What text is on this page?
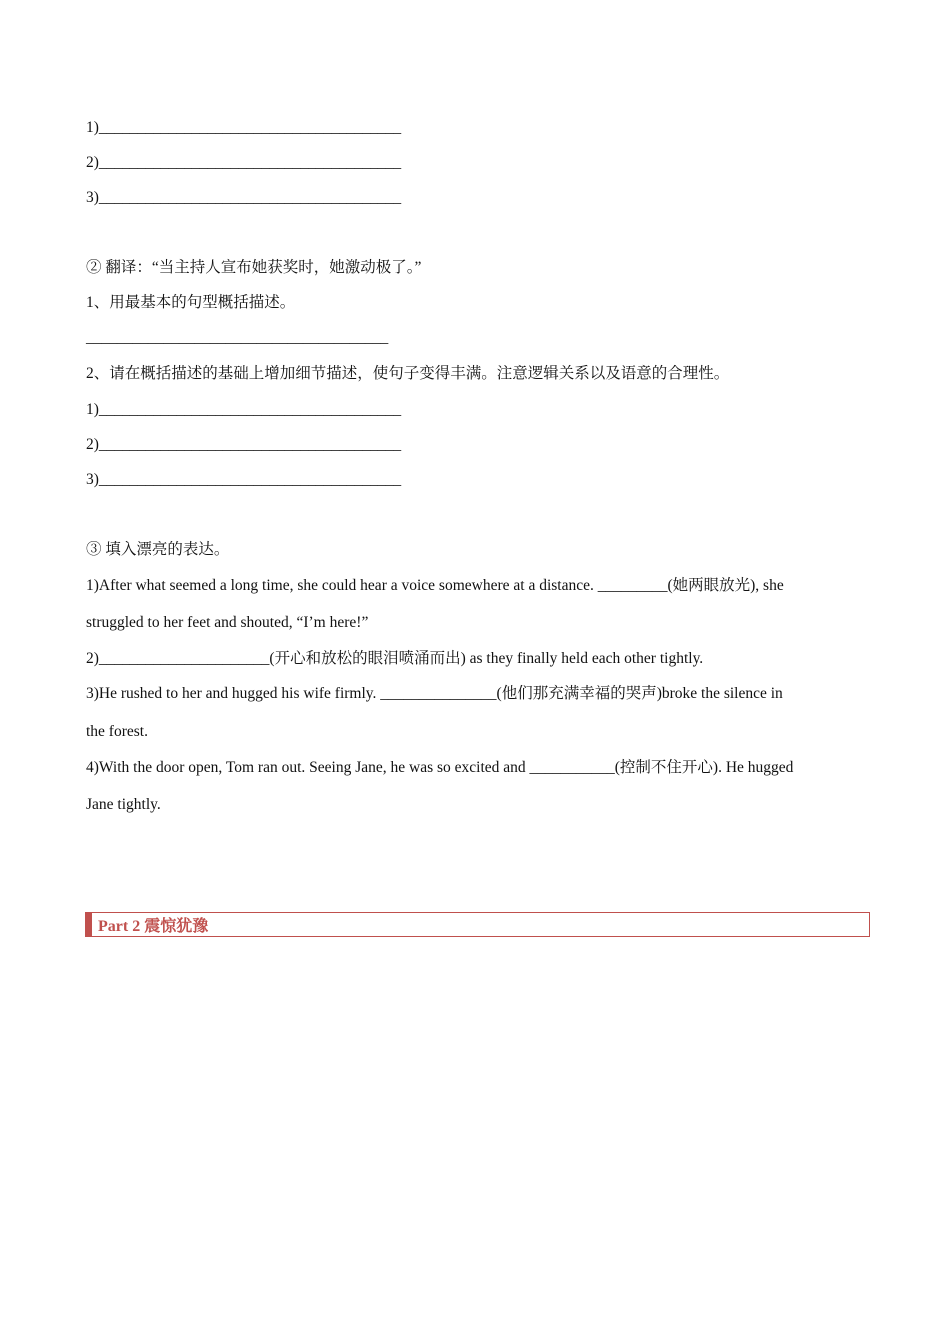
1)_______________________________________
2)_______________________________________
3)_______________________________________
② 翻译：“当主持人宣布她获奖时，她激动极了。”
1、用最基本的句型概括描述。
_______________________________________
2、请在概括描述的基础上增加细节描述，使句子变得丰满。注意逻辑关系以及语意的合理性。
1)_______________________________________
2)_______________________________________
3)_______________________________________
③ 填入漂亮的表达。
1)After what seemed a long time, she could hear a voice somewhere at a distance. _________(她两眼放光), she
struggled to her feet and shouted, “I’m here!”
2)______________________(开心和放松的眼泪喷涌而出) as they finally held each other tightly.
3)He rushed to her and hugged his wife firmly. _______________(他们那充满幸福的哭声)broke the silence in
the forest.
4)With the door open, Tom ran out. Seeing Jane, he was so excited and ___________(控制不住开心). He hugged
Jane tightly.
Part 2 震惊犹豫
